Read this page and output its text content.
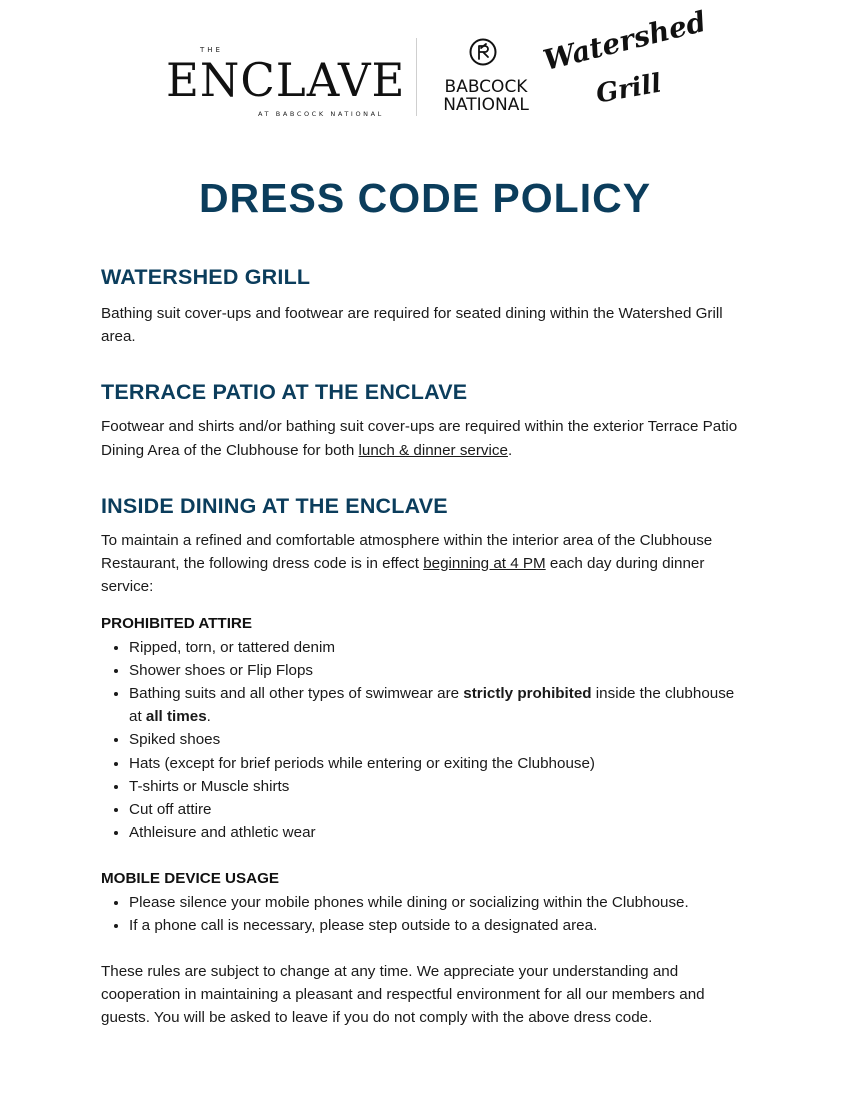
THE
ENCLAVE
AT BABCOCK NATIONAL
BABCOCK
NATIONAL
Watershed
Grill
DRESS CODE POLICY
WATERSHED GRILL

Bathing suit cover-ups and footwear are required for seated dining within the Watershed Grill area.

TERRACE PATIO AT THE ENCLAVE

Footwear and shirts and/or bathing suit cover-ups are required within the exterior Terrace Patio Dining Area of the Clubhouse for both lunch & dinner service.

INSIDE DINING AT THE ENCLAVE

To maintain a refined and comfortable atmosphere within the interior area of the Clubhouse Restaurant, the following dress code is in effect beginning at 4 PM each day during dinner service:

PROHIBITED ATTIRE
• Ripped, torn, or tattered denim
• Shower shoes or Flip Flops
• Bathing suits and all other types of swimwear are strictly prohibited inside the clubhouse at all times.
• Spiked shoes
• Hats (except for brief periods while entering or exiting the Clubhouse)
• T-shirts or Muscle shirts
• Cut off attire
• Athleisure and athletic wear
MOBILE DEVICE USAGE
• Please silence your mobile phones while dining or socializing within the Clubhouse.
• If a phone call is necessary, please step outside to a designated area.

These rules are subject to change at any time. We appreciate your understanding and cooperation in maintaining a pleasant and respectful environment for all our members and guests. You will be asked to leave if you do not comply with the above dress code.
